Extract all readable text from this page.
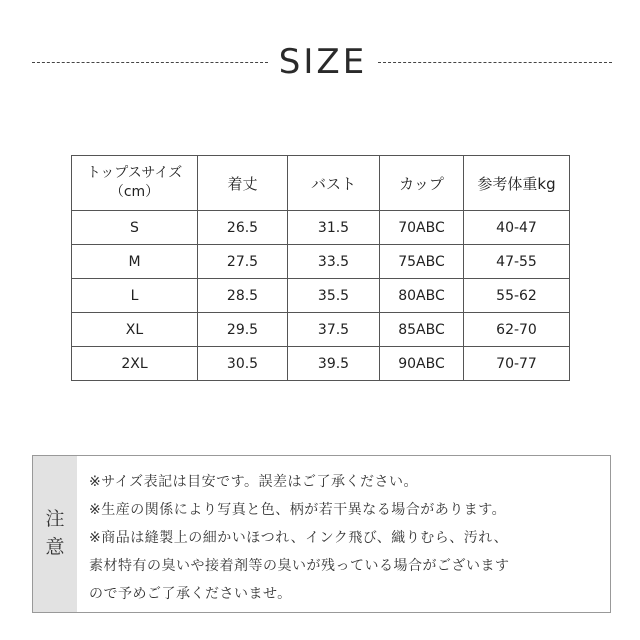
SIZE
トップスサイズ
（cm）	着丈	バスト	カップ	参考体重kg
S	26.5	31.5	70ABC	40-47
M	27.5	33.5	75ABC	47-55
L	28.5	35.5	80ABC	55-62
XL	29.5	37.5	85ABC	62-70
2XL	30.5	39.5	90ABC	70-77
注
意
※サイズ表記は目安です。誤差はご了承ください。
※生産の関係により写真と色、柄が若干異なる場合があります。
※商品は縫製上の細かいほつれ、インク飛び、織りむら、汚れ、
素材特有の臭いや接着剤等の臭いが残っている場合がございます
ので予めご了承くださいませ。
